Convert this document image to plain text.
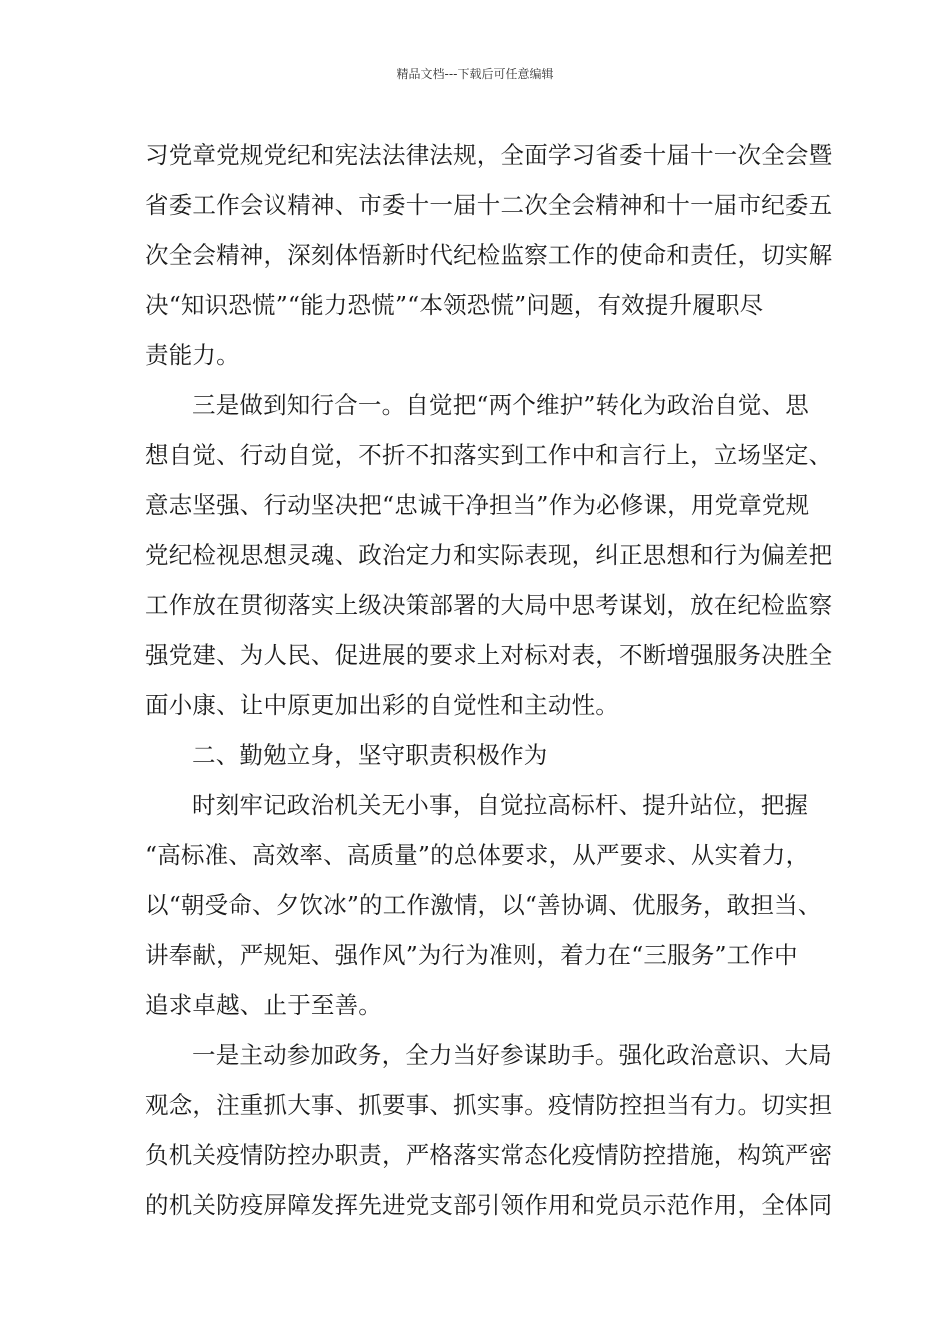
精品文档---下载后可任意编辑
习党章党规党纪和宪法法律法规，全面学习省委十届十一次全会暨
省委工作会议精神、市委十一届十二次全会精神和十一届市纪委五
次全会精神，深刻体悟新时代纪检监察工作的使命和责任，切实解
决“知识恐慌”“能力恐慌”“本领恐慌”问题，有效提升履职尽
责能力。
三是做到知行合一。自觉把“两个维护”转化为政治自觉、思
想自觉、行动自觉，不折不扣落实到工作中和言行上，立场坚定、
意志坚强、行动坚决把“忠诚干净担当”作为必修课，用党章党规
党纪检视思想灵魂、政治定力和实际表现，纠正思想和行为偏差把
工作放在贯彻落实上级决策部署的大局中思考谋划，放在纪检监察
强党建、为人民、促进展的要求上对标对表，不断增强服务决胜全
面小康、让中原更加出彩的自觉性和主动性。
二、勤勉立身，坚守职责积极作为
时刻牢记政治机关无小事，自觉拉高标杆、提升站位，把握
“高标准、高效率、高质量”的总体要求，从严要求、从实着力，
以“朝受命、夕饮冰”的工作激情，以“善协调、优服务，敢担当、
讲奉献，严规矩、强作风”为行为准则，着力在“三服务”工作中
追求卓越、止于至善。
一是主动参加政务，全力当好参谋助手。强化政治意识、大局
观念，注重抓大事、抓要事、抓实事。疫情防控担当有力。切实担
负机关疫情防控办职责，严格落实常态化疫情防控措施，构筑严密
的机关防疫屏障发挥先进党支部引领作用和党员示范作用，全体同
